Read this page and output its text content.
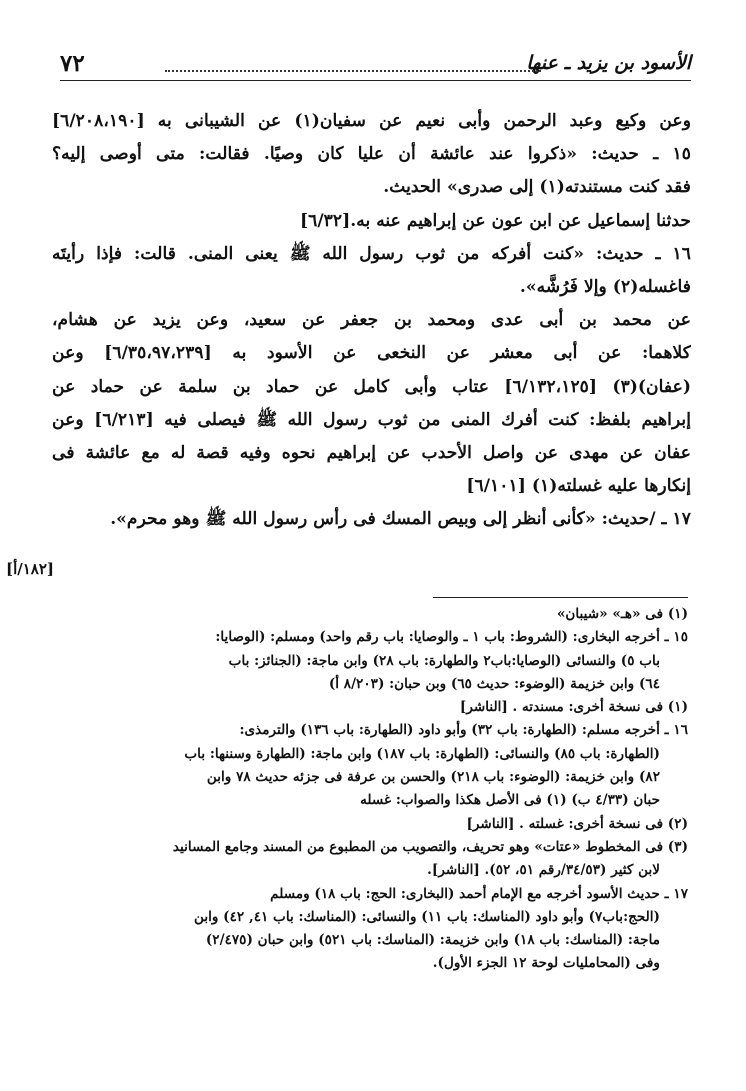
الأسود بن يزيد ـ عنها
٧٢
وعن وكيع وعبد الرحمن وأبى نعيم عن سفيان(١) عن الشيبانى به [٦/٢٠٨،١٩٠]
١٥ ـ حديث: «ذكروا عند عائشة أن عليا كان وصيًا. فقالت: متى أوصى إليه؟
فقد كنت مستندته(١) إلى صدرى» الحديث.
حدثنا إسماعيل عن ابن عون عن إبراهيم عنه به.[٦/٣٢]
١٦ ـ حديث: «كنت أفركه من ثوب رسول الله ﷺ يعنى المنى. قالت: فإذا رأيتَه
فاغسله(٢) وإلا فَرُشَّه».
عن محمد بن أبى عدى ومحمد بن جعفر عن سعيد، وعن يزيد عن هشام،
كلاهما: عن أبى معشر عن النخعى عن الأسود به [٦/٣٥،٩٧،٢٣٩] وعن
(عفان)(٣) [٦/١٣٢،١٢٥] عتاب وأبى كامل عن حماد بن سلمة عن حماد عن
إبراهيم بلفظ: كنت أفرك المنى من ثوب رسول الله ﷺ فيصلى فيه [٦/٢١٣] وعن
عفان عن مهدى عن واصل الأحدب عن إبراهيم نحوه وفيه قصة له مع عائشة فى
إنكارها عليه غسلته(١) [٦/١٠١]
١٧ ـ /حديث: «كأنى أنظر إلى وبيص المسك فى رأس رسول الله ﷺ وهو محرم».
[١٨٢/أ]
(١) فى «هـ» «شيبان»
١٥ ـ أخرجه البخارى: (الشروط: باب ١ ـ والوصايا: باب رقم واحد) ومسلم: (الوصايا:
باب ٥) والنسائى (الوصايا:باب٢ والطهارة: باب ٢٨) وابن ماجة: (الجنائز: باب
٦٤) وابن خزيمة (الوضوء: حديث ٦٥) وبن حبان: (٨/٢٠٣ أ)
(١) فى نسخة أخرى: مسندته . [الناشر]
١٦ ـ أخرجه مسلم: (الطهارة: باب ٣٢) وأبو داود (الطهارة: باب ١٣٦) والترمذى:
(الطهارة: باب ٨٥) والنسائى: (الطهارة: باب ١٨٧) وابن ماجة: (الطهارة وسننها: باب
٨٢) وابن خزيمة: (الوضوء: باب ٢١٨) والحسن بن عرفة فى جزئه حديث ٧٨ وابن
حبان (٤/٣٣ ب) (١) فى الأصل هكذا والصواب: غسله
(٢) فى نسخة أخرى: غسلته . [الناشر]
(٣) فى المخطوط «عتات» وهو تحريف، والتصويب من المطبوع من المسند وجامع المسانيد
لابن كثير (٣٤/٥٣/رقم ٥١، ٥٢). [الناشر].
١٧ ـ حديث الأسود أخرجه مع الإمام أحمد (البخارى: الحج: باب ١٨) ومسلم
(الحج:باب٧) وأبو داود (المناسك: باب ١١) والنسائى: (المناسك: باب ٤١, ٤٢) وابن
ماجة: (المناسك: باب ١٨) وابن خزيمة: (المناسك: باب ٥٢١) وابن حبان (٢/٤٧٥)
وفى (المحامليات لوحة ١٢ الجزء الأول).
